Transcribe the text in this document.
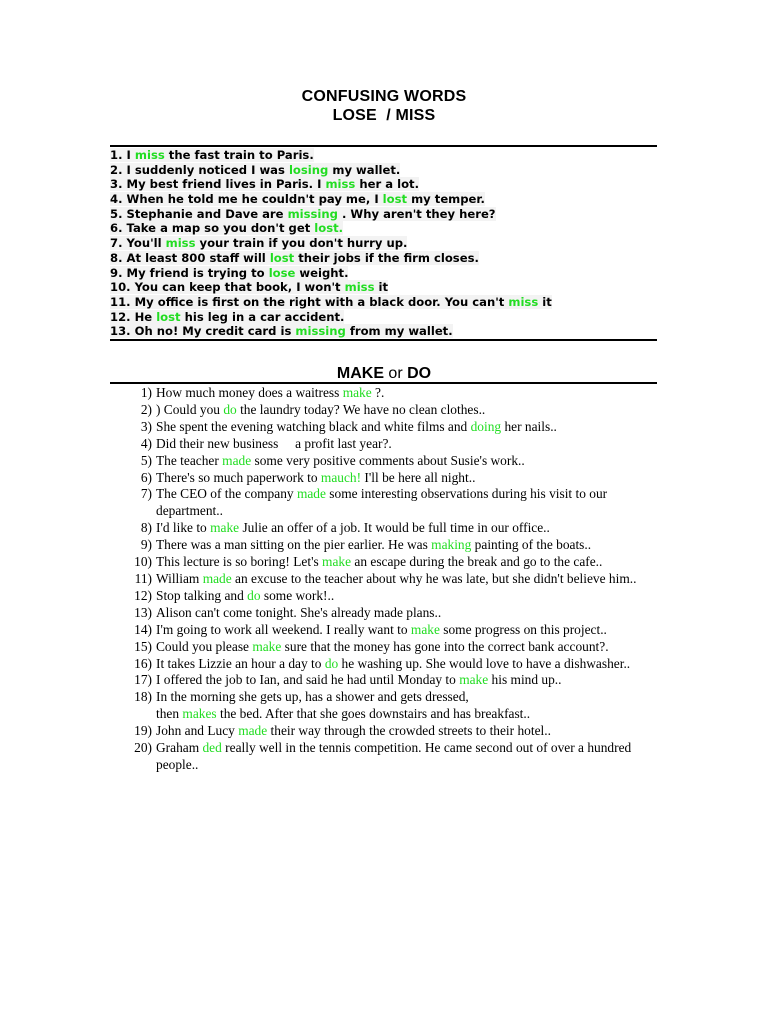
CONFUSING WORDS
LOSE  / MISS
1. I miss the fast train to Paris.
2. I suddenly noticed I was losing my wallet.
3. My best friend lives in Paris. I miss her a lot.
4. When he told me he couldn't pay me, I lost my temper.
5. Stephanie and Dave are missing . Why aren't they here?
6. Take a map so you don't get lost.
7. You'll miss your train if you don't hurry up.
8. At least 800 staff will lost their jobs if the firm closes.
9. My friend is trying to lose weight.
10. You can keep that book, I won't miss it
11. My office is first on the right with a black door. You can't miss it
12. He lost his leg in a car accident.
13. Oh no! My credit card is missing from my wallet.
MAKE or DO
1) How much money does a waitress make ?.
2) ) Could you do the laundry today? We have no clean clothes..
3) She spent the evening watching black and white films and doing her nails..
4) Did their new business     a profit last year?.
5) The teacher made some very positive comments about Susie's work..
6) There's so much paperwork to mauch! I'll be here all night..
7) The CEO of the company made some interesting observations during his visit to our department..
8) I'd like to make Julie an offer of a job. It would be full time in our office..
9) There was a man sitting on the pier earlier. He was making painting of the boats..
10) This lecture is so boring! Let's make an escape during the break and go to the cafe..
11) William made an excuse to the teacher about why he was late, but she didn't believe him..
12) Stop talking and do some work!..
13) Alison can't come tonight. She's already made plans..
14) I'm going to work all weekend. I really want to make some progress on this project..
15) Could you please make sure that the money has gone into the correct bank account?.
16) It takes Lizzie an hour a day to do he washing up. She would love to have a dishwasher..
17) I offered the job to Ian, and said he had until Monday to make his mind up..
18) In the morning she gets up, has a shower and gets dressed,
then makes the bed. After that she goes downstairs and has breakfast..
19) John and Lucy made their way through the crowded streets to their hotel..
20) Graham ded really well in the tennis competition. He came second out of over a hundred people..
